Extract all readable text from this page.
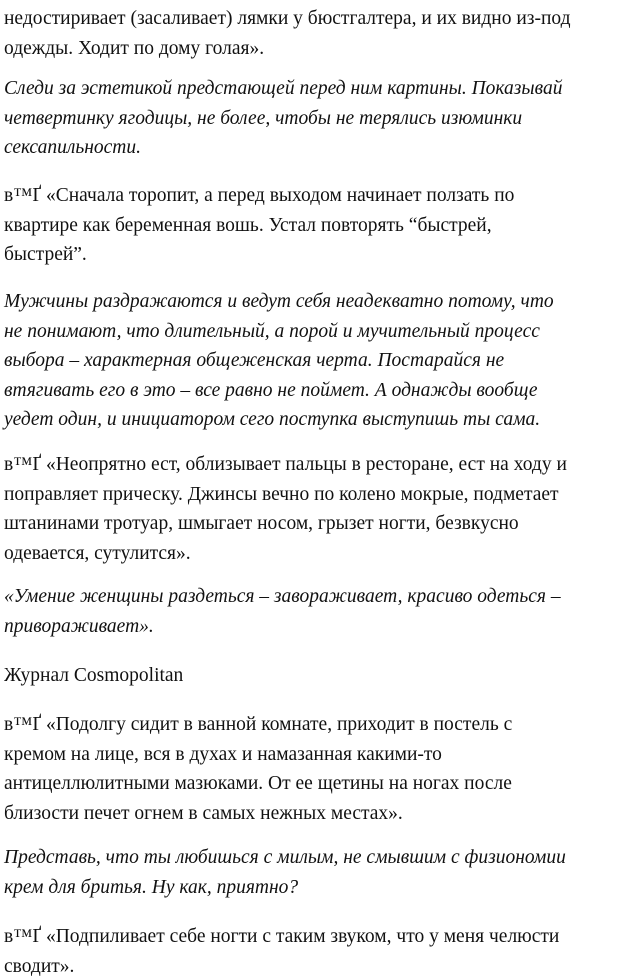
недостиривает (засаливает) лямки у бюстгалтера, и их видно из-под
одежды. Ходит по дому голая».

Следи за эстетикой предстающей перед ним картины. Показывай
четвертинку ягодицы, не более, чтобы не терялись изюминки
сексапильности.

в™Ґ «Сначала торопит, а перед выходом начинает ползать по
квартире как беременная вошь. Устал повторять “быстрей,
быстрей”.

Мужчины раздражаются и ведут себя неадекватно потому, что
не понимают, что длительный, а порой и мучительный процесс
выбора – характерная общеженская черта. Постарайся не
втягивать его в это – все равно не поймет. А однажды вообще
уедет один, и инициатором сего поступка выступишь ты сама.

в™Ґ «Неопрятно ест, облизывает пальцы в ресторане, ест на ходу и
поправляет прическу. Джинсы вечно по колено мокрые, подметает
штанинами тротуар, шмыгает носом, грызет ногти, безвкусно
одевается, сутулится».

«Умение женщины раздеться – завораживает, красиво одеться –
привораживает».

Журнал Cosmopolitan

в™Ґ «Подолгу сидит в ванной комнате, приходит в постель с
кремом на лице, вся в духах и намазанная какими-то
антицеллюлитными мазюками. От ее щетины на ногах после
близости печет огнем в самых нежных местах».

Представь, что ты любишься с милым, не смывшим с физиономии
крем для бритья. Ну как, приятно?

в™Ґ «Подпиливает себе ногти с таким звуком, что у меня челюсти
сводит».
